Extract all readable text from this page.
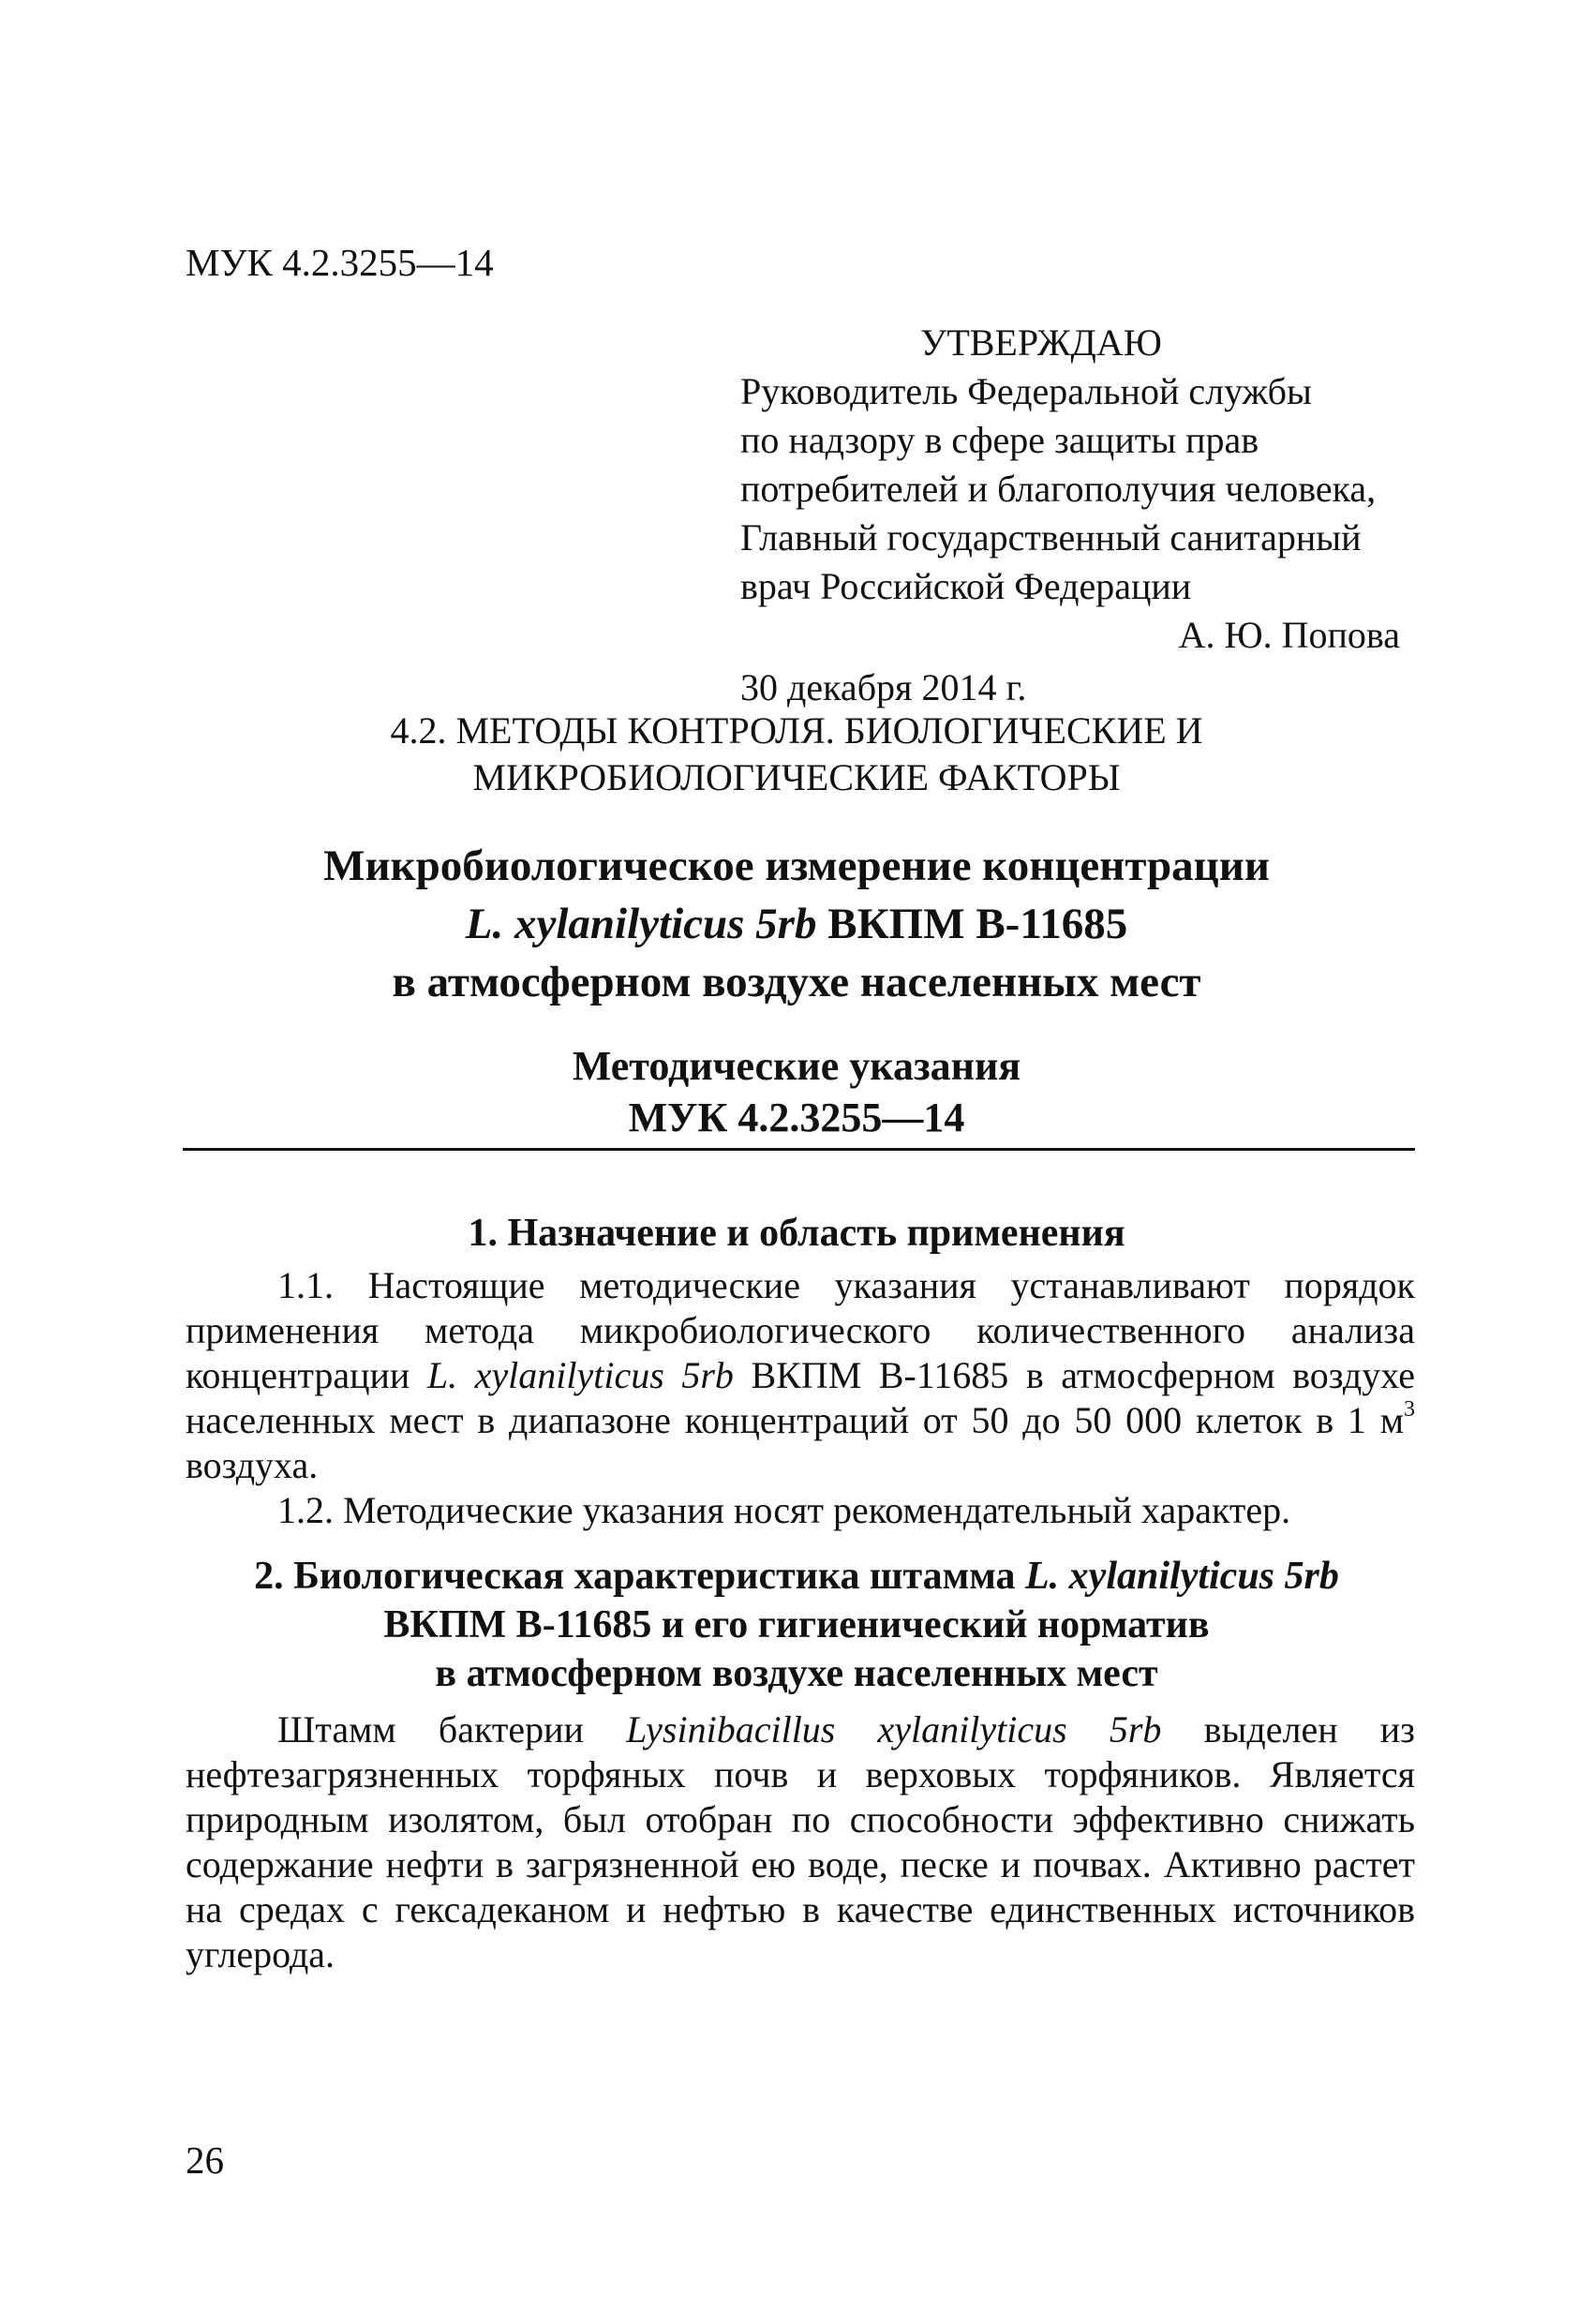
МУК 4.2.3255—14
УТВЕРЖДАЮ
Руководитель Федеральной службы
по надзору в сфере защиты прав
потребителей и благополучия человека,
Главный государственный санитарный
врач Российской Федерации
А. Ю. Попова
30 декабря 2014 г.
4.2. МЕТОДЫ КОНТРОЛЯ. БИОЛОГИЧЕСКИЕ И
МИКРОБИОЛОГИЧЕСКИЕ ФАКТОРЫ
Микробиологическое измерение концентрации
L. xylanilyticus 5rb ВКПМ В-11685
в атмосферном воздухе населенных мест
Методические указания
МУК 4.2.3255—14
1. Назначение и область применения

1.1. Настоящие методические указания устанавливают порядок применения метода микробиологического количественного анализа концентрации L. xylanilyticus 5rb ВКПМ В-11685 в атмосферном воздухе населенных мест в диапазоне концентраций от 50 до 50 000 клеток в 1 $м^3$ воздуха.

1.2. Методические указания носят рекомендательный характер.

2. Биологическая характеристика штамма L. xylanilyticus 5rb
ВКПМ В-11685 и его гигиенический норматив
в атмосферном воздухе населенных мест

Штамм бактерии Lysinibacillus xylanilyticus 5rb выделен из нефтезагрязненных торфяных почв и верховых торфяников. Является природным изолятом, был отобран по способности эффективно снижать содержание нефти в загрязненной ею воде, песке и почвах. Активно растет на средах с гексадеканом и нефтью в качестве единственных источников углерода.

26
